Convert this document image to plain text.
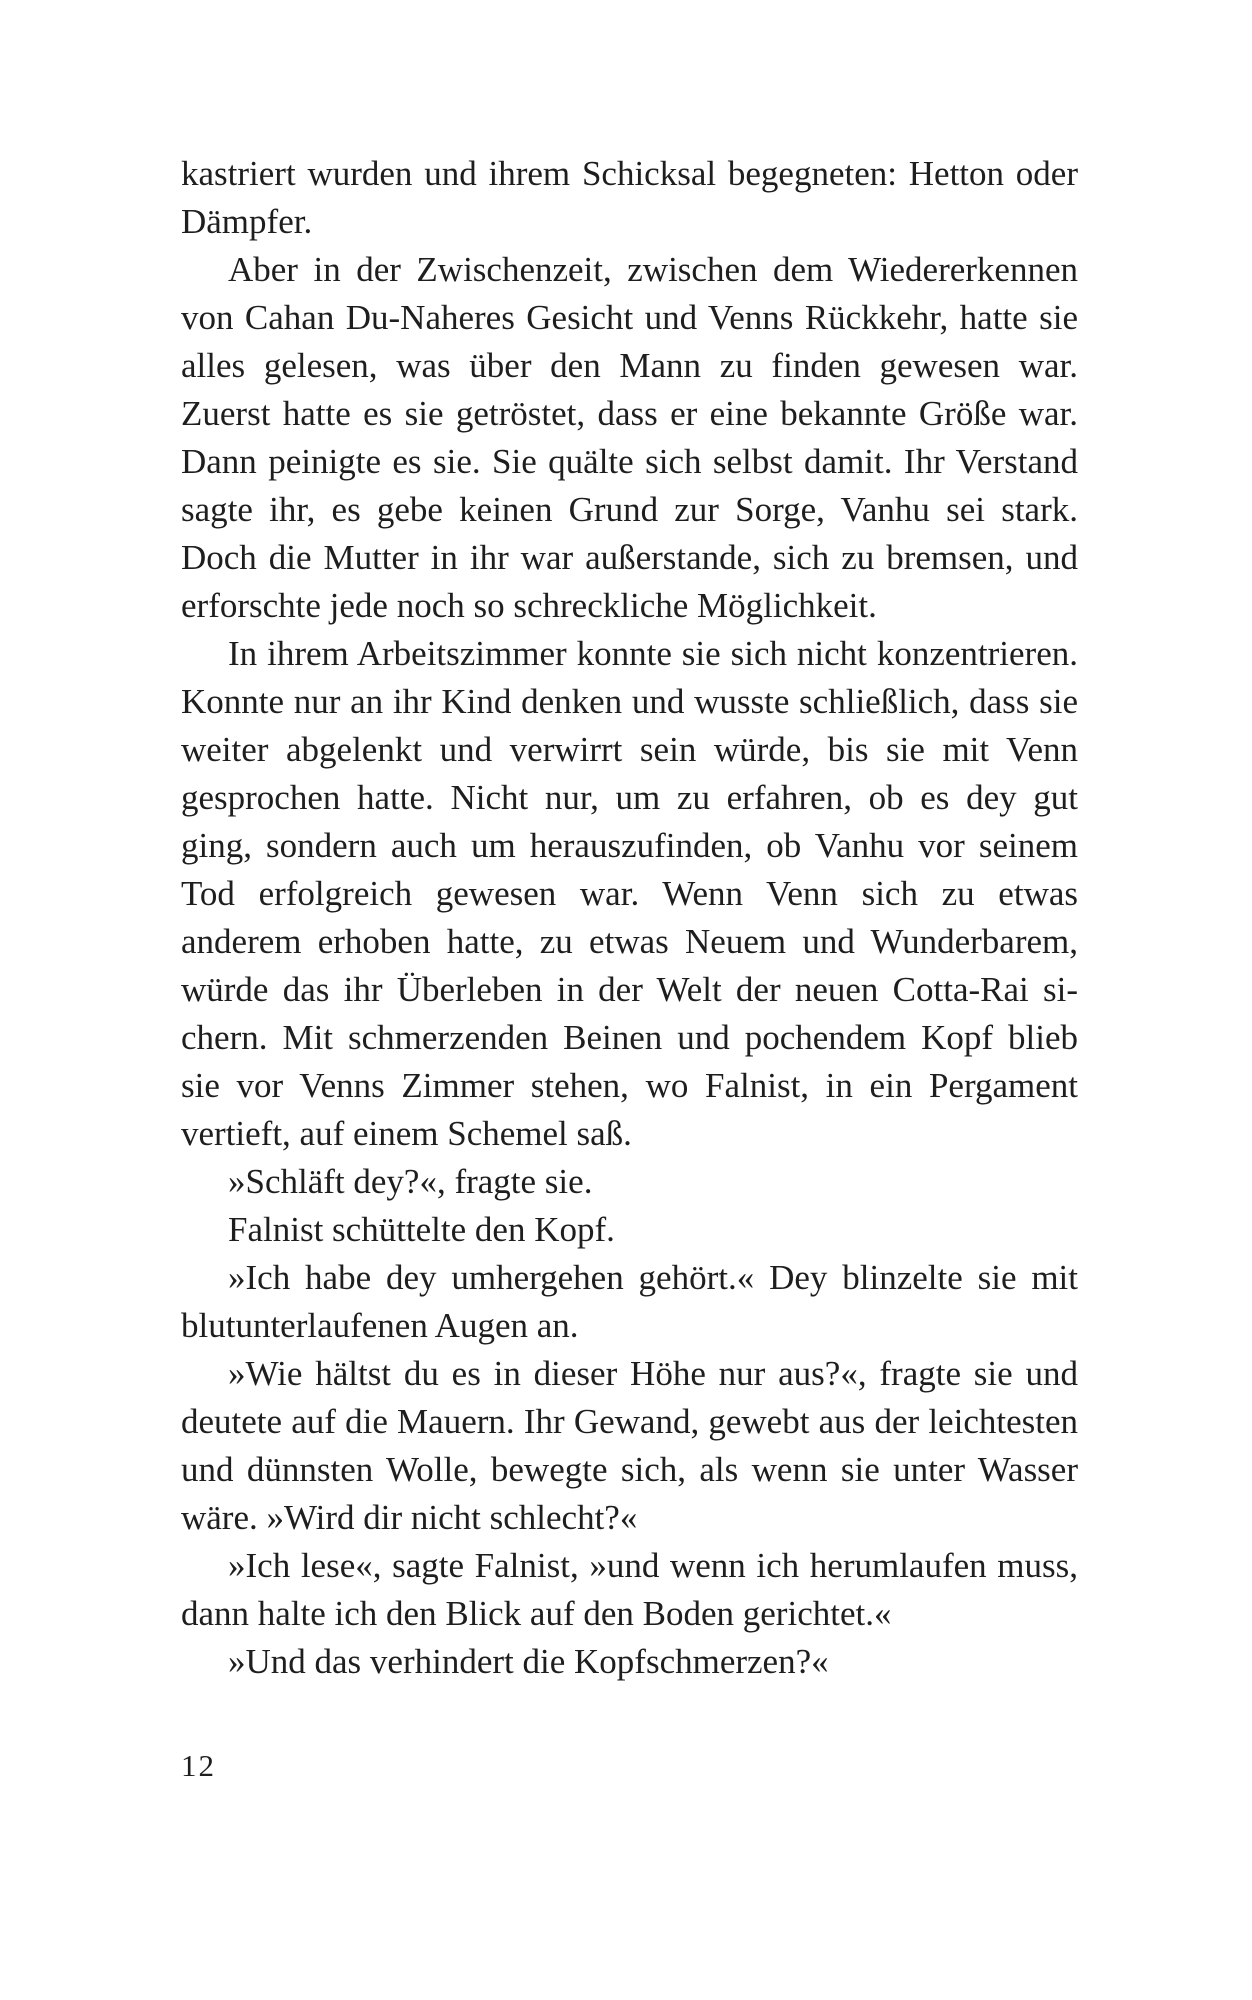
kastriert wurden und ihrem Schicksal begegneten: Hetton oder Dämpfer.

Aber in der Zwischenzeit, zwischen dem Wiedererkennen von Cahan Du-Naheres Gesicht und Venns Rückkehr, hatte sie alles gelesen, was über den Mann zu finden gewesen war. Zuerst hatte es sie getröstet, dass er eine bekannte Größe war. Dann peinigte es sie. Sie quälte sich selbst damit. Ihr Verstand sagte ihr, es gebe keinen Grund zur Sorge, Vanhu sei stark. Doch die Mutter in ihr war außerstande, sich zu bremsen, und erforschte jede noch so schreckliche Möglichkeit.

In ihrem Arbeitszimmer konnte sie sich nicht konzentrieren. Konnte nur an ihr Kind denken und wusste schließlich, dass sie weiter abgelenkt und verwirrt sein würde, bis sie mit Venn gesprochen hatte. Nicht nur, um zu erfahren, ob es dey gut ging, sondern auch um herauszufinden, ob Vanhu vor seinem Tod erfolgreich gewesen war. Wenn Venn sich zu etwas anderem erhoben hatte, zu etwas Neuem und Wunderbarem, würde das ihr Überleben in der Welt der neuen Cotta-Rai sichern. Mit schmerzenden Beinen und pochendem Kopf blieb sie vor Venns Zimmer stehen, wo Falnist, in ein Pergament vertieft, auf einem Schemel saß.

»Schläft dey?«, fragte sie.

Falnist schüttelte den Kopf.

»Ich habe dey umhergehen gehört.« Dey blinzelte sie mit blutunterlaufenen Augen an.

»Wie hältst du es in dieser Höhe nur aus?«, fragte sie und deutete auf die Mauern. Ihr Gewand, gewebt aus der leichtesten und dünnsten Wolle, bewegte sich, als wenn sie unter Wasser wäre. »Wird dir nicht schlecht?«

»Ich lese«, sagte Falnist, »und wenn ich herumlaufen muss, dann halte ich den Blick auf den Boden gerichtet.«

»Und das verhindert die Kopfschmerzen?«

12
